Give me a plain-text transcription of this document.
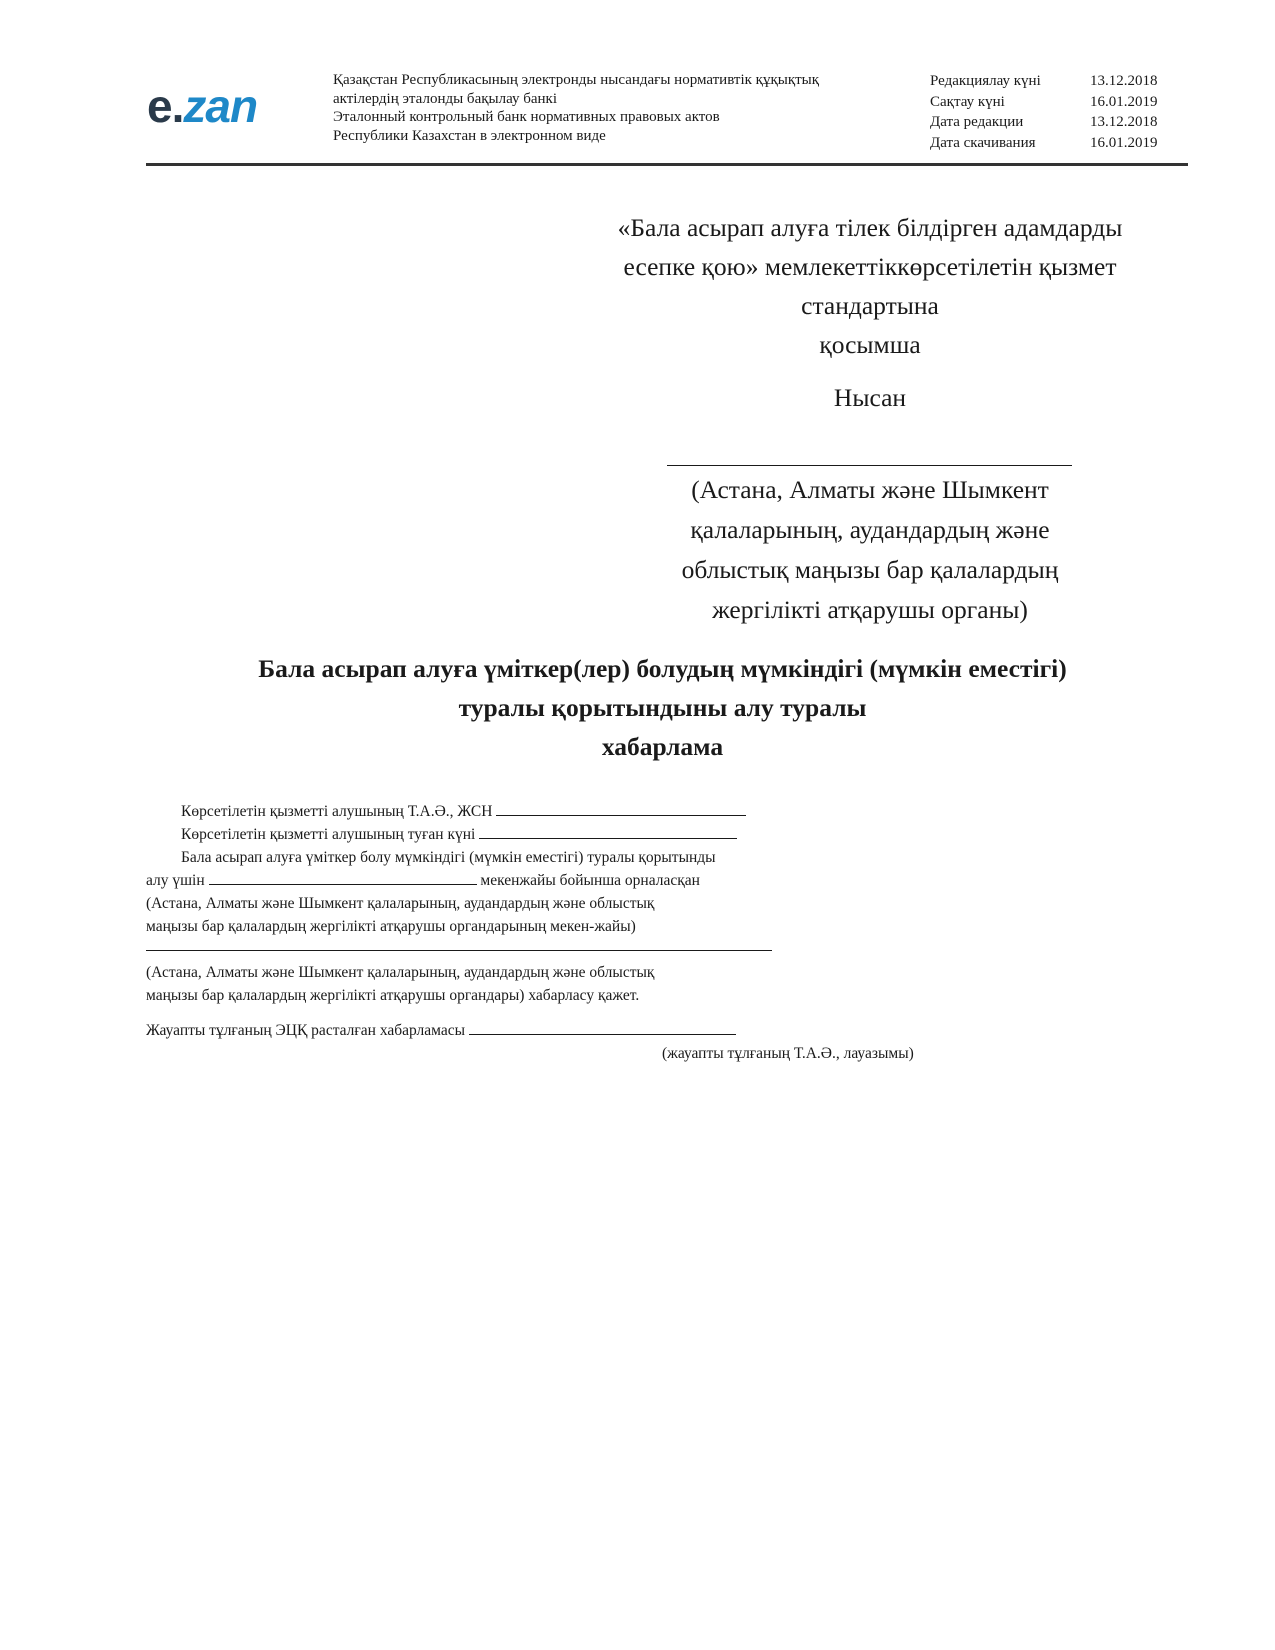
e.zan	Қазақстан Республикасының электронды нысандағы нормативтік құқықтық
актілердің эталонды бақылау банкі
Эталонный контрольный банк нормативных правовых актов
Республики Казахстан в электронном виде
Редакциялау күні	13.12.2018
Сақтау күні	16.01.2019
Дата редакции	13.12.2018
Дата скачивания	16.01.2019
«Бала асырап алуға тілек білдірген адамдарды
есепке қою» мемлекеттіккөрсетілетін қызмет
стандартына
қосымша
Нысан
(Астана, Алматы және Шымкент
қалаларының, аудандардың және
облыстық маңызы бар қалалардың
жергілікті атқарушы органы)
Бала асырап алуға үміткер(лер) болудың мүмкіндігі (мүмкін еместігі)
туралы қорытындыны алу туралы
хабарлама
Көрсетілетін қызметті алушының Т.А.Ә., ЖСН
Көрсетілетін қызметті алушының туған күні
Бала асырап алуға үміткер болу мүмкіндігі (мүмкін еместігі) туралы қорытынды
алу үшін	мекенжайы бойынша орналасқан
(Астана, Алматы және Шымкент қалаларының, аудандардың және облыстық
маңызы бар қалалардың жергілікті атқарушы органдарының мекен-жайы)
(Астана, Алматы және Шымкент қалаларының, аудандардың және облыстық
маңызы бар қалалардың жергілікті атқарушы органдары) хабарласу қажет.
Жауапты тұлғаның ЭЦҚ расталған хабарламасы
(жауапты тұлғаның Т.А.Ә., лауазымы)
